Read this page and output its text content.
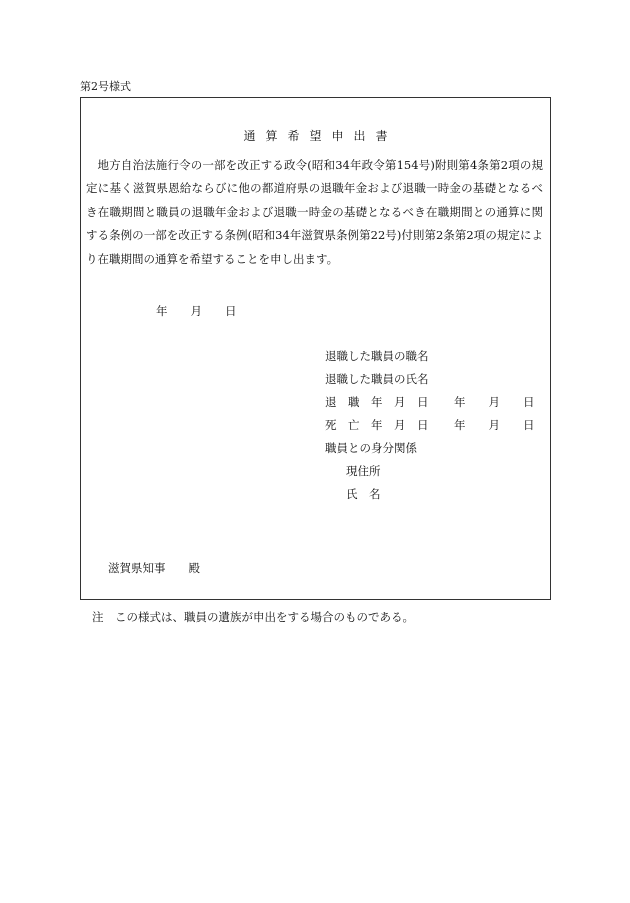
第2号様式
通算希望申出書

地方自治法施行令の一部を改正する政令(昭和34年政令第154号)附則第4条第2項の規定に基く滋賀県恩給ならびに他の都道府県の退職年金および退職一時金の基礎となるべき在職期間と職員の退職年金および退職一時金の基礎となるべき在職期間との通算に関する条例の一部を改正する条例(昭和34年滋賀県条例第22号)付則第2条第2項の規定により在職期間の通算を希望することを申し出ます。

年　　月　　日

退職した職員の職名

退職した職員の氏名

退　職　年　月　日

年　　月　　日

死　亡　年　月　日

年　　月　　日

職員との身分関係

現住所

氏　名

滋賀県知事　　殿
注　この様式は、職員の遺族が申出をする場合のものである。
